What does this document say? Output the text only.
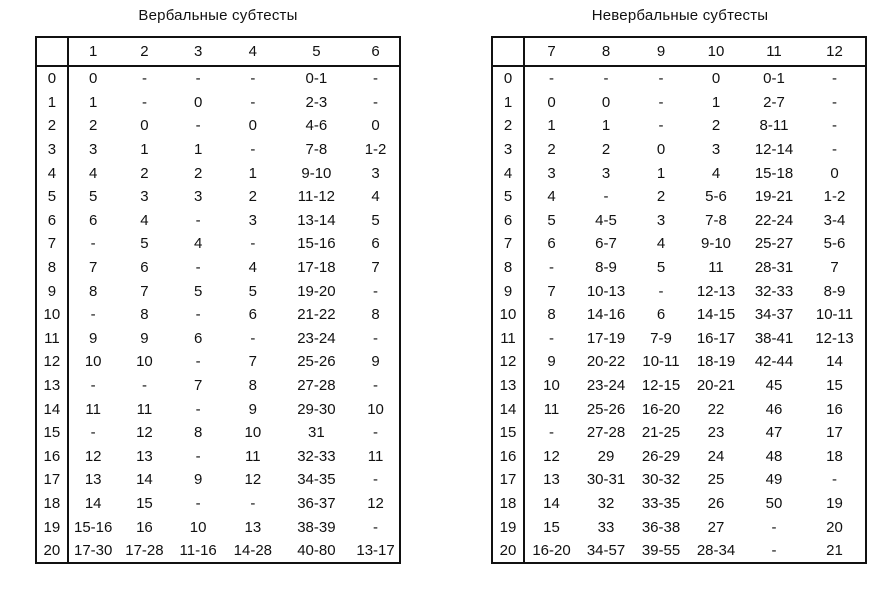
Вербальные субтесты
	1	2	3	4	5	6
0	0	-	-	-	0-1	-
1	1	-	0	-	2-3	-
2	2	0	-	0	4-6	0
3	3	1	1	-	7-8	1-2
4	4	2	2	1	9-10	3
5	5	3	3	2	11-12	4
6	6	4	-	3	13-14	5
7	-	5	4	-	15-16	6
8	7	6	-	4	17-18	7
9	8	7	5	5	19-20	-
10	-	8	-	6	21-22	8
11	9	9	6	-	23-24	-
12	10	10	-	7	25-26	9
13	-	-	7	8	27-28	-
14	11	11	-	9	29-30	10
15	-	12	8	10	31	-
16	12	13	-	11	32-33	11
17	13	14	9	12	34-35	-
18	14	15	-	-	36-37	12
19	15-16	16	10	13	38-39	-
20	17-30	17-28	11-16	14-28	40-80	13-17
Невербальные субтесты
	7	8	9	10	11	12
0	-	-	-	0	0-1	-
1	0	0	-	1	2-7	-
2	1	1	-	2	8-11	-
3	2	2	0	3	12-14	-
4	3	3	1	4	15-18	0
5	4	-	2	5-6	19-21	1-2
6	5	4-5	3	7-8	22-24	3-4
7	6	6-7	4	9-10	25-27	5-6
8	-	8-9	5	11	28-31	7
9	7	10-13	-	12-13	32-33	8-9
10	8	14-16	6	14-15	34-37	10-11
11	-	17-19	7-9	16-17	38-41	12-13
12	9	20-22	10-11	18-19	42-44	14
13	10	23-24	12-15	20-21	45	15
14	11	25-26	16-20	22	46	16
15	-	27-28	21-25	23	47	17
16	12	29	26-29	24	48	18
17	13	30-31	30-32	25	49	-
18	14	32	33-35	26	50	19
19	15	33	36-38	27	-	20
20	16-20	34-57	39-55	28-34	-	21
